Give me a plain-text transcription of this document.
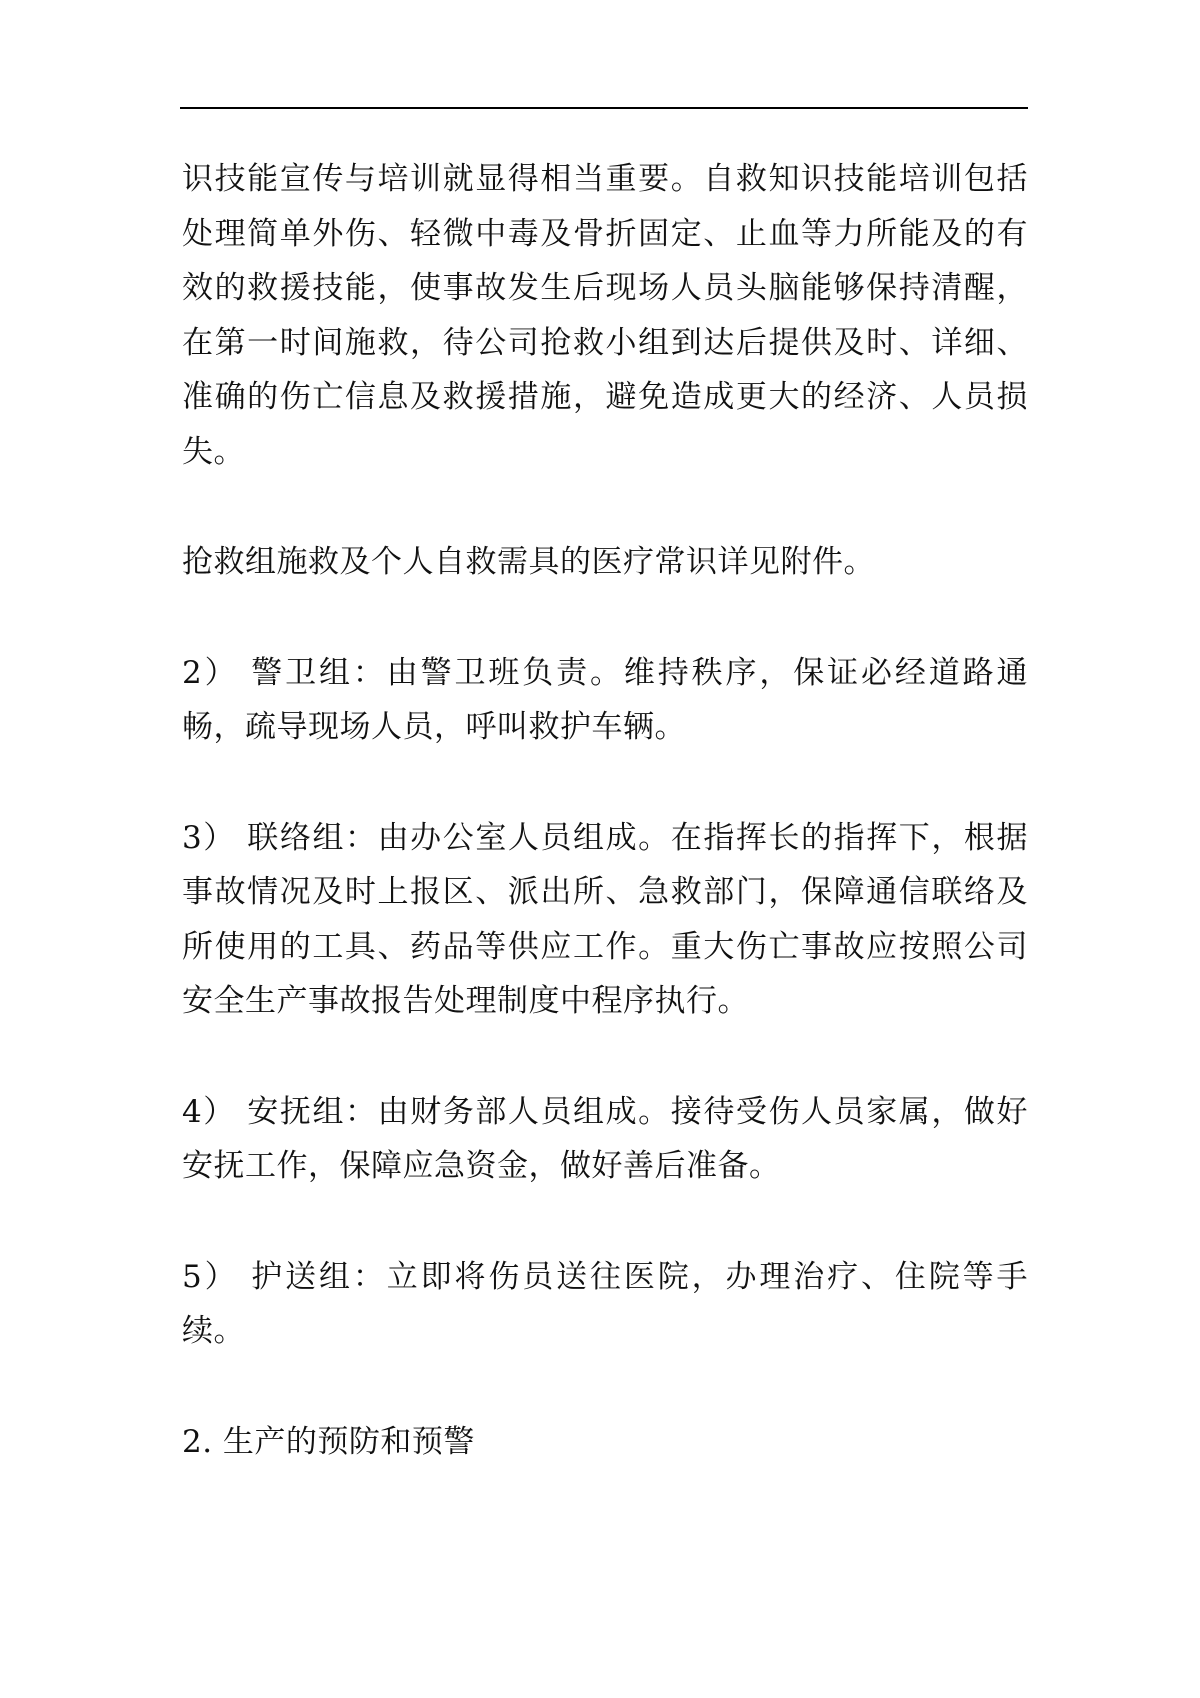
识技能宣传与培训就显得相当重要。自救知识技能培训包括处理简单外伤、轻微中毒及骨折固定、止血等力所能及的有效的救援技能，使事故发生后现场人员头脑能够保持清醒，在第一时间施救，待公司抢救小组到达后提供及时、详细、准确的伤亡信息及救援措施，避免造成更大的经济、人员损失。

抢救组施救及个人自救需具的医疗常识详见附件。

2） 警卫组：由警卫班负责。维持秩序，保证必经道路通畅，疏导现场人员，呼叫救护车辆。

3） 联络组：由办公室人员组成。在指挥长的指挥下，根据事故情况及时上报区、派出所、急救部门，保障通信联络及所使用的工具、药品等供应工作。重大伤亡事故应按照公司安全生产事故报告处理制度中程序执行。

4） 安抚组：由财务部人员组成。接待受伤人员家属，做好安抚工作，保障应急资金，做好善后准备。

5） 护送组：立即将伤员送往医院，办理治疗、住院等手续。

2. 生产的预防和预警
